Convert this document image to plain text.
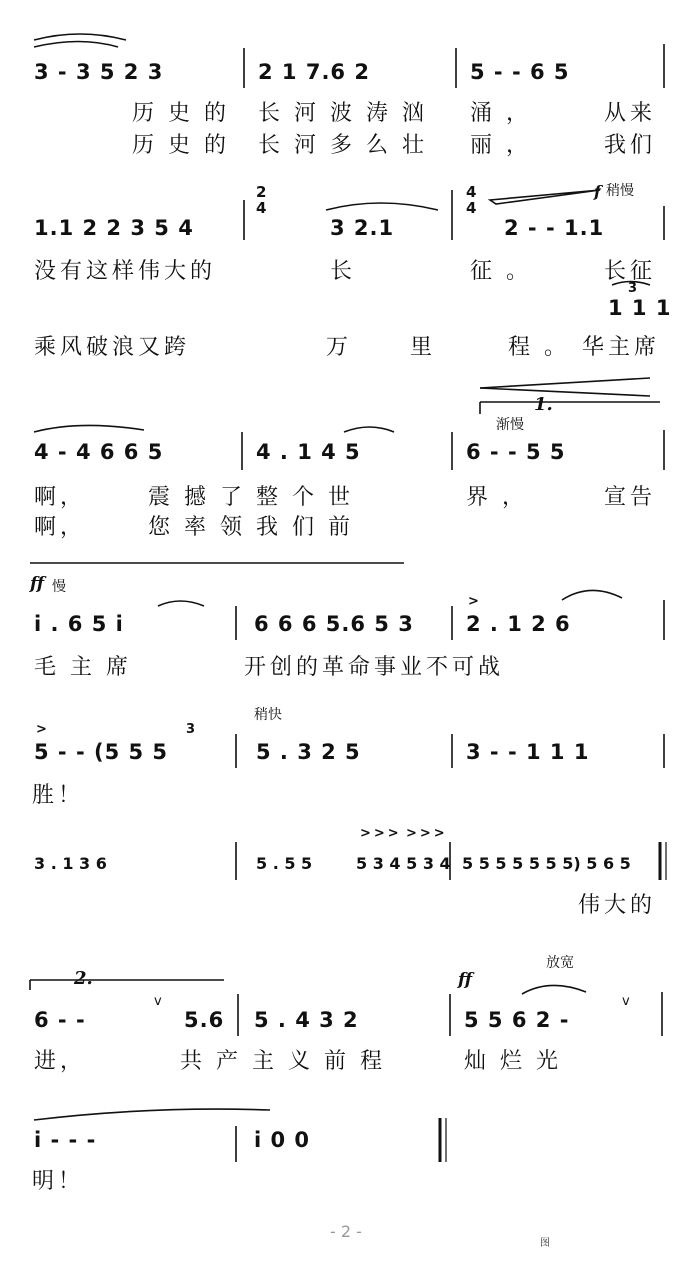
3 - 3 5 2 3	2 1 7.6 2	5 - - 6 5
历史的 长河波涛汹 涌，	从来
历史的 长河多么壮 丽，	我们
1.1 2 2 3 5 4
2
4
3 2.1
4
4
f 稍慢
2 - - 1.1
没有这样伟大的	长	征。	长征
3
1 1 1
乘风破浪又跨	万 里	程。 华主席
1.
渐慢
4 - 4 6 6 5	4 . 1 4 5	6 - - 5 5
啊，	震撼了整个世	界，	宣告
啊，	您率领我们前
ff 慢
>
i . 6 5 i	6 6 6 5.6 5 3 2 . 1 2 6
毛主席	开创的革命事业不可战
稍快
>	3
5 - - (5 5 5	5 . 3 2 5	3 - - 1 1 1
胜！
>>> >>>
3 . 1 3 6	5 . 5 5	5 3 4 5 3 4 5 5 5 5 5 5 5) 5 6 5
伟大的
2.	ff
放宽
v	v
6 - -	5.6 5 . 4 3 2	5 5 6 2 -
进，	共产主义前程	灿烂光
i - - -	i 0 0
明！
- 2 -
图
